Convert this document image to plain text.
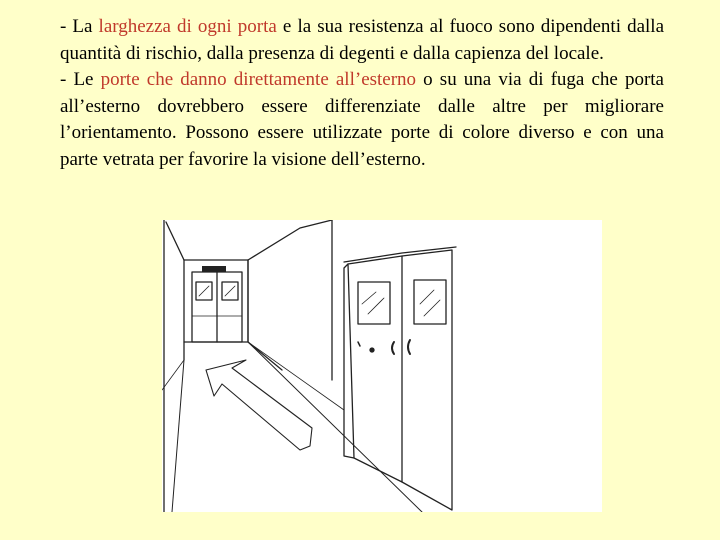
- La larghezza di ogni porta e la sua resistenza al fuoco sono dipendenti dalla quantità di rischio, dalla presenza di degenti e dalla capienza del locale.

- Le porte che danno direttamente all’esterno o su una via di fuga che porta all’esterno dovrebbero essere differenziate dalle altre per migliorare l’orientamento. Possono essere utilizzate porte di colore diverso e con una parte vetrata per favorire la visione dell’esterno.
